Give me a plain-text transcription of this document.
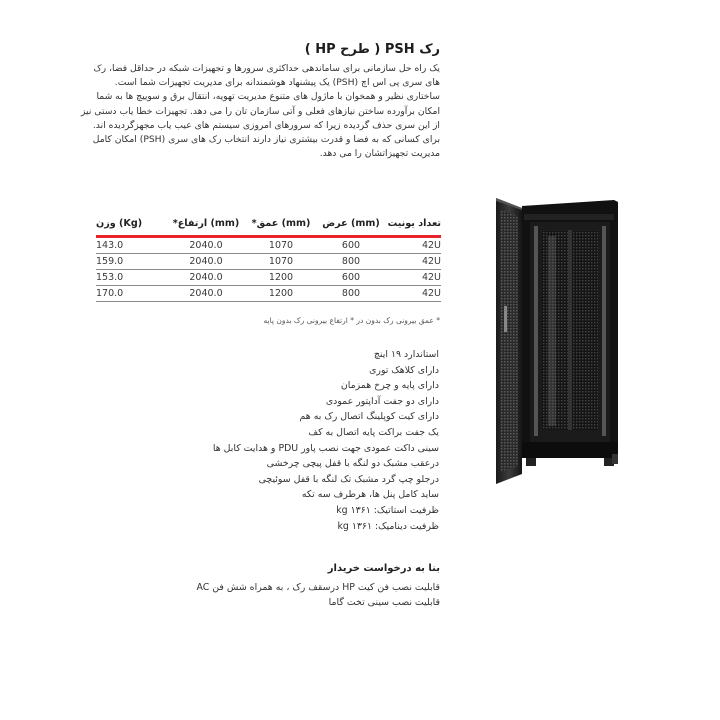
رک PSH ( طرح HP )

یک راه حل سازمانی برای ساماندهی حداکثری سرورها و تجهیزات شبکه در حداقل فضا، رک های سری پی اس اچ (PSH) یک پیشنهاد هوشمندانه برای مدیریت تجهیزات شما است.

ساختاری نظیر و همخوان با ماژول های متنوع مدیریت تهویه، انتقال برق و سوییچ ها به شما امکان برآورده ساختن نیازهای فعلی و آتی سازمان تان را می دهد. تجهیزات خطا یاب دستی نیز از این سری حذف گردیده زیرا که سرورهای امروزی سیستم های عیب یاب مجهزگردیده اند. برای کسانی که به فضا و قدرت بیشتری نیاز دارند انتخاب رک های سری (PSH) امکان کامل مدیریت تجهیزاتشان را می دهد.

وزن (Kg)	*ارتفاع (mm)	*عمق (mm)	عرض (mm)	تعداد یونیت
143.0	2040.0	1070	600	42U
159.0	2040.0	1070	800	42U
153.0	2040.0	1200	600	42U
170.0	2040.0	1200	800	42U
* عمق بیرونی رک بدون در * ارتفاع بیرونی رک بدون پایه
استاندارد ۱۹ اینچ
دارای کلاهک توری
دارای پایه و چرخ همزمان
دارای دو جفت آداپتور عمودی
دارای کیت کوپلینگ اتصال رک به هم
یک جفت براکت پایه اتصال به کف
سینی داکت عمودی جهت نصب پاور PDU و هدایت کابل ها
درعقب مشبک دو لنگه با قفل پیچی چرخشی
درجلو چپ گرد مشبک تک لنگه با قفل سوئیچی
ساید کامل پنل ها، هرطرف سه تکه
ظرفیت استاتیک: ۱۳۶۱ kg
ظرفیت دینامیک: ۱۳۶۱ kg
بنا به درخواست خریدار
قابلیت نصب فن کیت HP درسقف رک ، به همراه شش فن AC
قابلیت نصب سینی تخت گاما
